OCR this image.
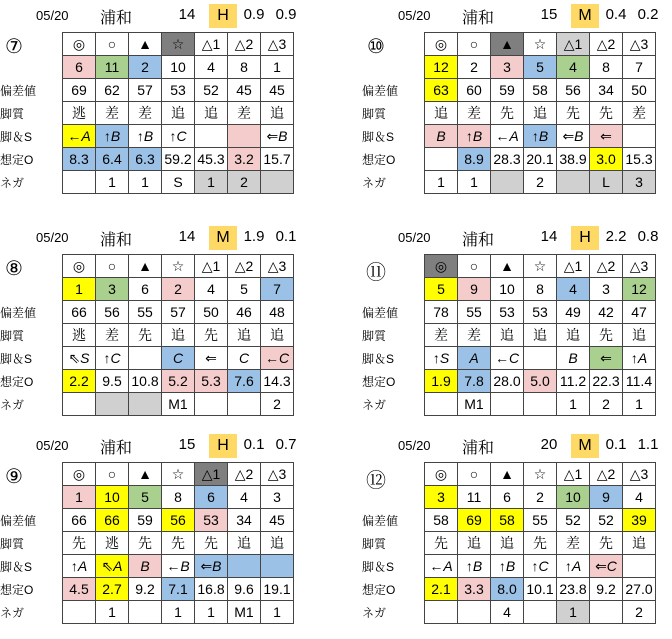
05/20 浦和	14	H 0.9 0.9
⑦
偏差値
脚質
脚＆S
想定O
ネガ
◎	○	▲	☆	△1	△2	△3
6	11	2	10	4	8	1
69	62	57	53	52	45	45
逃	差	差	追	追	差	追
←A	↑B	↑B	↑C			⇐B
8.3	6.4	6.3	59.2	45.3	3.2	15.7
	1	1	S	1	2	
05/20 浦和	15	M 0.4 0.2
⑩
偏差値
脚質
脚＆S
想定O
ネガ
◎	○	▲	☆	△1	△2	△3
12	2	3	5	4	8	7
63	60	59	58	56	34	50
追	差	先	追	先	先	差
B	↑B	←A	↑B	⇐B	⇐	
	8.9	28.3	20.1	38.9	3.0	15.3
1	1		2		L	3
05/20 浦和	14	M 1.9 0.1
⑧
偏差値
脚質
脚＆S
想定O
ネガ
◎	○	▲	☆	△1	△2	△3
1	3	6	2	4	5	7
66	56	55	57	50	46	48
逃	差	先	追	先	追	追
⇖S	↑C		C	⇐	C	←C
2.2	9.5	10.8	5.2	5.3	7.6	14.3
			M1			2
05/20 浦和	14	H 2.2 0.8
⑪
偏差値
脚質
脚＆S
想定O
ネガ
◎	○	▲	☆	△1	△2	△3
5	9	10	8	4	3	12
78	55	53	53	49	42	47
差	差	追	追	追	先	追
↑S	A	←C		B	⇐	↑A
1.9	7.8	28.0	5.0	11.2	22.3	11.4
	M1			1	2	1
05/20 浦和	15	H 0.1 0.7
⑨
偏差値
脚質
脚＆S
想定O
ネガ
◎	○	▲	☆	△1	△2	△3
1	10	5	8	6	4	3
66	66	59	56	53	34	45
先	逃	先	先	先	追	追
↑A	⇖A	B	←B	⇐B		
4.5	2.7	9.2	7.1	16.8	9.6	19.1
	1		1	1	M1	1
05/20 浦和	20	M 0.1 1.1
⑫
偏差値
脚質
脚＆S
想定O
ネガ
◎	○	▲	☆	△1	△2	△3
3	11	6	2	10	9	4
58	69	58	55	52	52	39
先	追	追	先	差	先	追
←A	↑B	↑B	↑C	↑A	⇐C	
2.1	3.3	8.0	10.1	23.8	9.2	27.0
		4		1		2
